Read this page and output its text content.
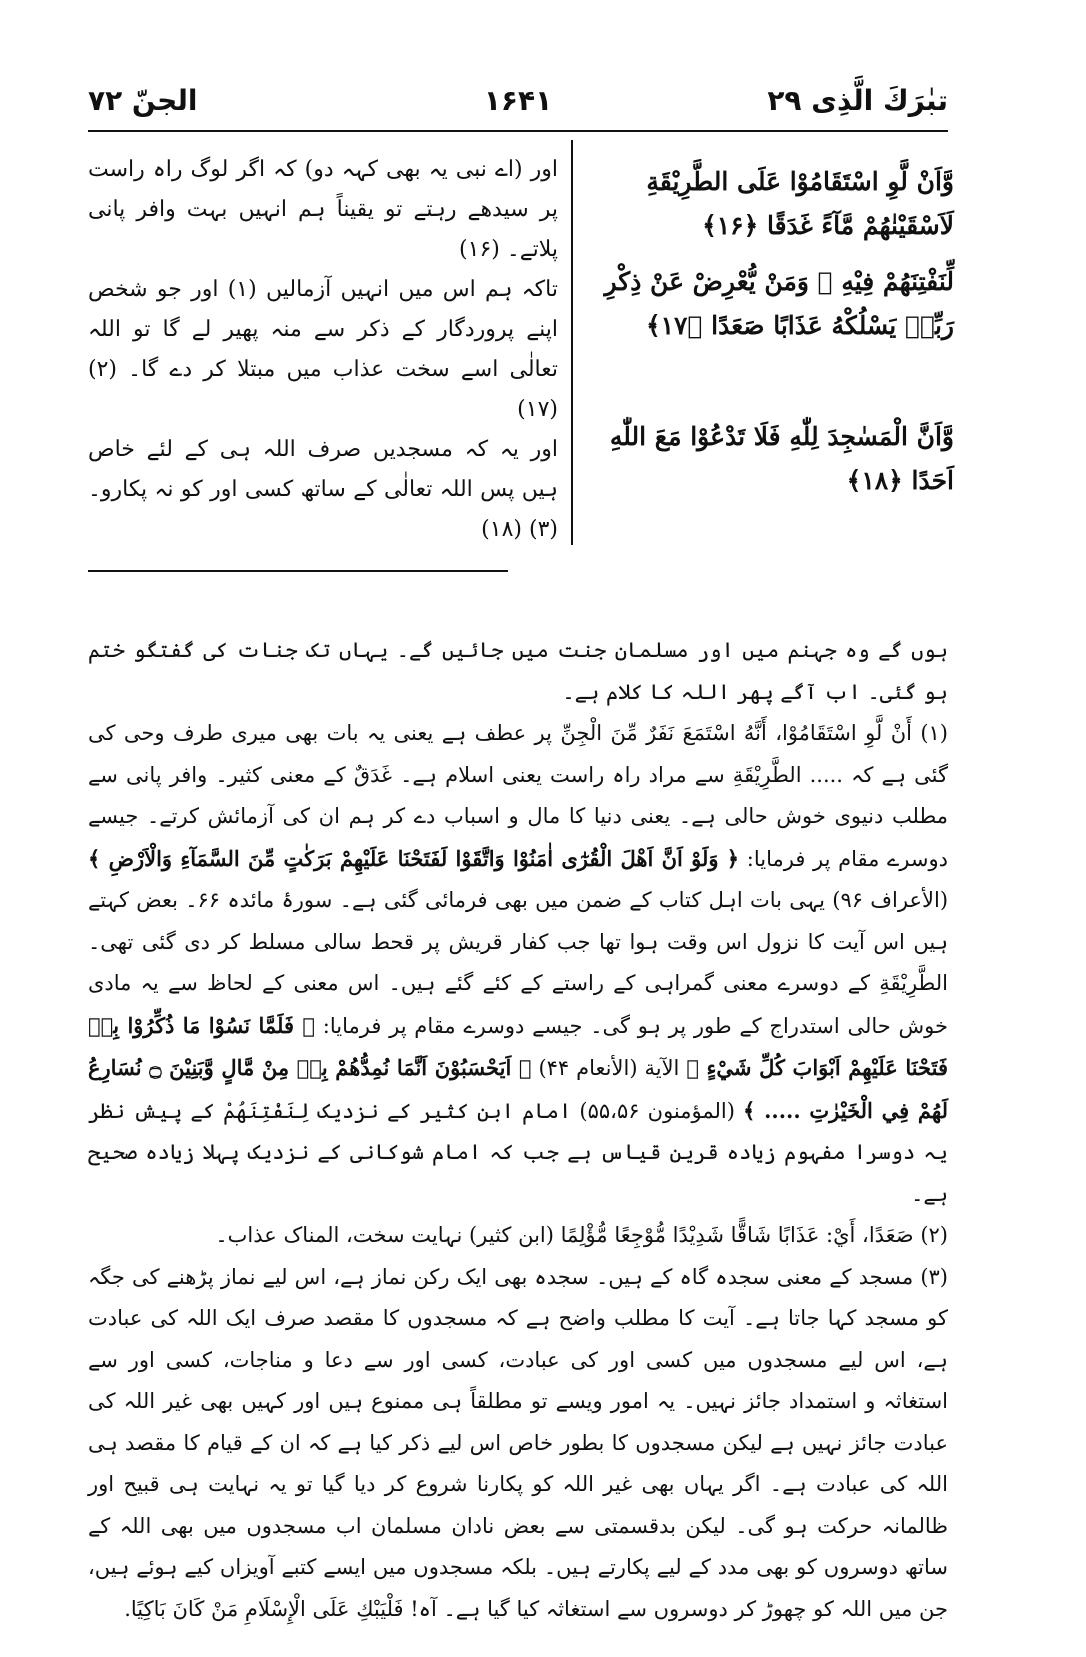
تبٰرَكَ الَّذِی ۲۹
۱۶۴۱
الجنّ ۷۲

وَّاَنْ لَّوِ اسْتَقَامُوْا عَلَى الطَّرِيْقَةِ لَاَسْقَيْنٰهُمْ مَّآءً غَدَقًا ﴿۱۶﴾

لِّنَفْتِنَهُمْ فِيْهِ ۭ وَمَنْ يُّعْرِضْ عَنْ ذِكْرِ رَبِّهٖ يَسْلُكْهُ عَذَابًا صَعَدًا ﴿۱۷﴾

وَّاَنَّ الْمَسٰجِدَ لِلّٰهِ فَلَا تَدْعُوْا مَعَ اللّٰهِ اَحَدًا ﴿۱۸﴾

اور (اے نبی یہ بھی کہہ دو) کہ اگر لوگ راہ راست پر سیدھے رہتے تو یقیناً ہم انہیں بہت وافر پانی پلاتے۔ (۱۶)

تاکہ ہم اس میں انہیں آزمالیں (۱) اور جو شخص اپنے پروردگار کے ذکر سے منہ پھیر لے گا تو اللہ تعالٰی اسے سخت عذاب میں مبتلا کر دے گا۔ (۲) (۱۷)

اور یہ کہ مسجدیں صرف اللہ ہی کے لئے خاص ہیں پس اللہ تعالٰی کے ساتھ کسی اور کو نہ پکارو۔ (۳) (۱۸)

ہوں گے وہ جہنم میں اور مسلمان جنت میں جائیں گے۔ یہاں تک جنات کی گفتگو ختم ہو گئی۔ اب آگے پھر اللہ کا کلام ہے۔

(۱) أَنْ لَّوِ اسْتَقَامُوْا، أَنَّهُ اسْتَمَعَ نَفَرٌ مِّنَ الْجِنِّ پر عطف ہے یعنی یہ بات بھی میری طرف وحی کی گئی ہے کہ ..... الطَّرِيْقَةِ سے مراد راہ راست یعنی اسلام ہے۔ غَدَقٌ کے معنی کثیر۔ وافر پانی سے مطلب دنیوی خوش حالی ہے۔ یعنی دنیا کا مال و اسباب دے کر ہم ان کی آزمائش کرتے۔ جیسے دوسرے مقام پر فرمایا: ﴿ وَلَوْ اَنَّ اَهْلَ الْقُرٰٓى اٰمَنُوْا وَاتَّقَوْا لَفَتَحْنَا عَلَيْهِمْ بَرَكٰتٍ مِّنَ السَّمَآءِ وَالْاَرْضِ ﴾ (الأعراف ۹۶) یہی بات اہل کتاب کے ضمن میں بھی فرمائی گئی ہے۔ سورۂ مائدہ ۶۶۔ بعض کہتے ہیں اس آیت کا نزول اس وقت ہوا تھا جب کفار قریش پر قحط سالی مسلط کر دی گئی تھی۔ الطَّرِيْقَةِ کے دوسرے معنی گمراہی کے راستے کے کئے گئے ہیں۔ اس معنی کے لحاظ سے یہ مادی خوش حالی استدراج کے طور پر ہو گی۔ جیسے دوسرے مقام پر فرمایا: ﴿ فَلَمَّا نَسُوْا مَا ذُكِّرُوْا بِهٖ فَتَحْنَا عَلَيْهِمْ اَبْوَابَ كُلِّ شَيْءٍ ﴾ الآية (الأنعام ۴۴) ﴿ اَيَحْسَبُوْنَ اَنَّمَا نُمِدُّهُمْ بِهٖ مِنْ مَّالٍ وَّبَنِيْنَ ۝ نُسَارِعُ لَهُمْ فِي الْخَيْرٰتِ ..... ﴾ (المؤمنون ۵۵،۵۶) امام ابن کثیر کے نزدیک لِنَفْتِنَهُمْ کے پیش نظر یہ دوسرا مفہوم زیادہ قرین قیاس ہے جب کہ امام شوکانی کے نزدیک پہلا زیادہ صحیح ہے۔

(۲) صَعَدًا، أَيْ: عَذَابًا شَاقًّا شَدِيْدًا مُّوْجِعًا مُّؤْلِمًا (ابن کثیر) نہایت سخت، المناک عذاب۔

(۳) مسجد کے معنی سجدہ گاہ کے ہیں۔ سجدہ بھی ایک رکن نماز ہے، اس لیے نماز پڑھنے کی جگہ کو مسجد کہا جاتا ہے۔ آیت کا مطلب واضح ہے کہ مسجدوں کا مقصد صرف ایک اللہ کی عبادت ہے، اس لیے مسجدوں میں کسی اور کی عبادت، کسی اور سے دعا و مناجات، کسی اور سے استغاثہ و استمداد جائز نہیں۔ یہ امور ویسے تو مطلقاً ہی ممنوع ہیں اور کہیں بھی غیر اللہ کی عبادت جائز نہیں ہے لیکن مسجدوں کا بطور خاص اس لیے ذکر کیا ہے کہ ان کے قیام کا مقصد ہی اللہ کی عبادت ہے۔ اگر یہاں بھی غیر اللہ کو پکارنا شروع کر دیا گیا تو یہ نہایت ہی قبیح اور ظالمانہ حرکت ہو گی۔ لیکن بدقسمتی سے بعض نادان مسلمان اب مسجدوں میں بھی اللہ کے ساتھ دوسروں کو بھی مدد کے لیے پکارتے ہیں۔ بلکہ مسجدوں میں ایسے کتبے آویزاں کیے ہوئے ہیں، جن میں اللہ کو چھوڑ کر دوسروں سے استغاثہ کیا گیا ہے۔ آہ! فَلْيَبْكِ عَلَى الْإِسْلَامِ مَنْ كَانَ بَاكِيًا.
